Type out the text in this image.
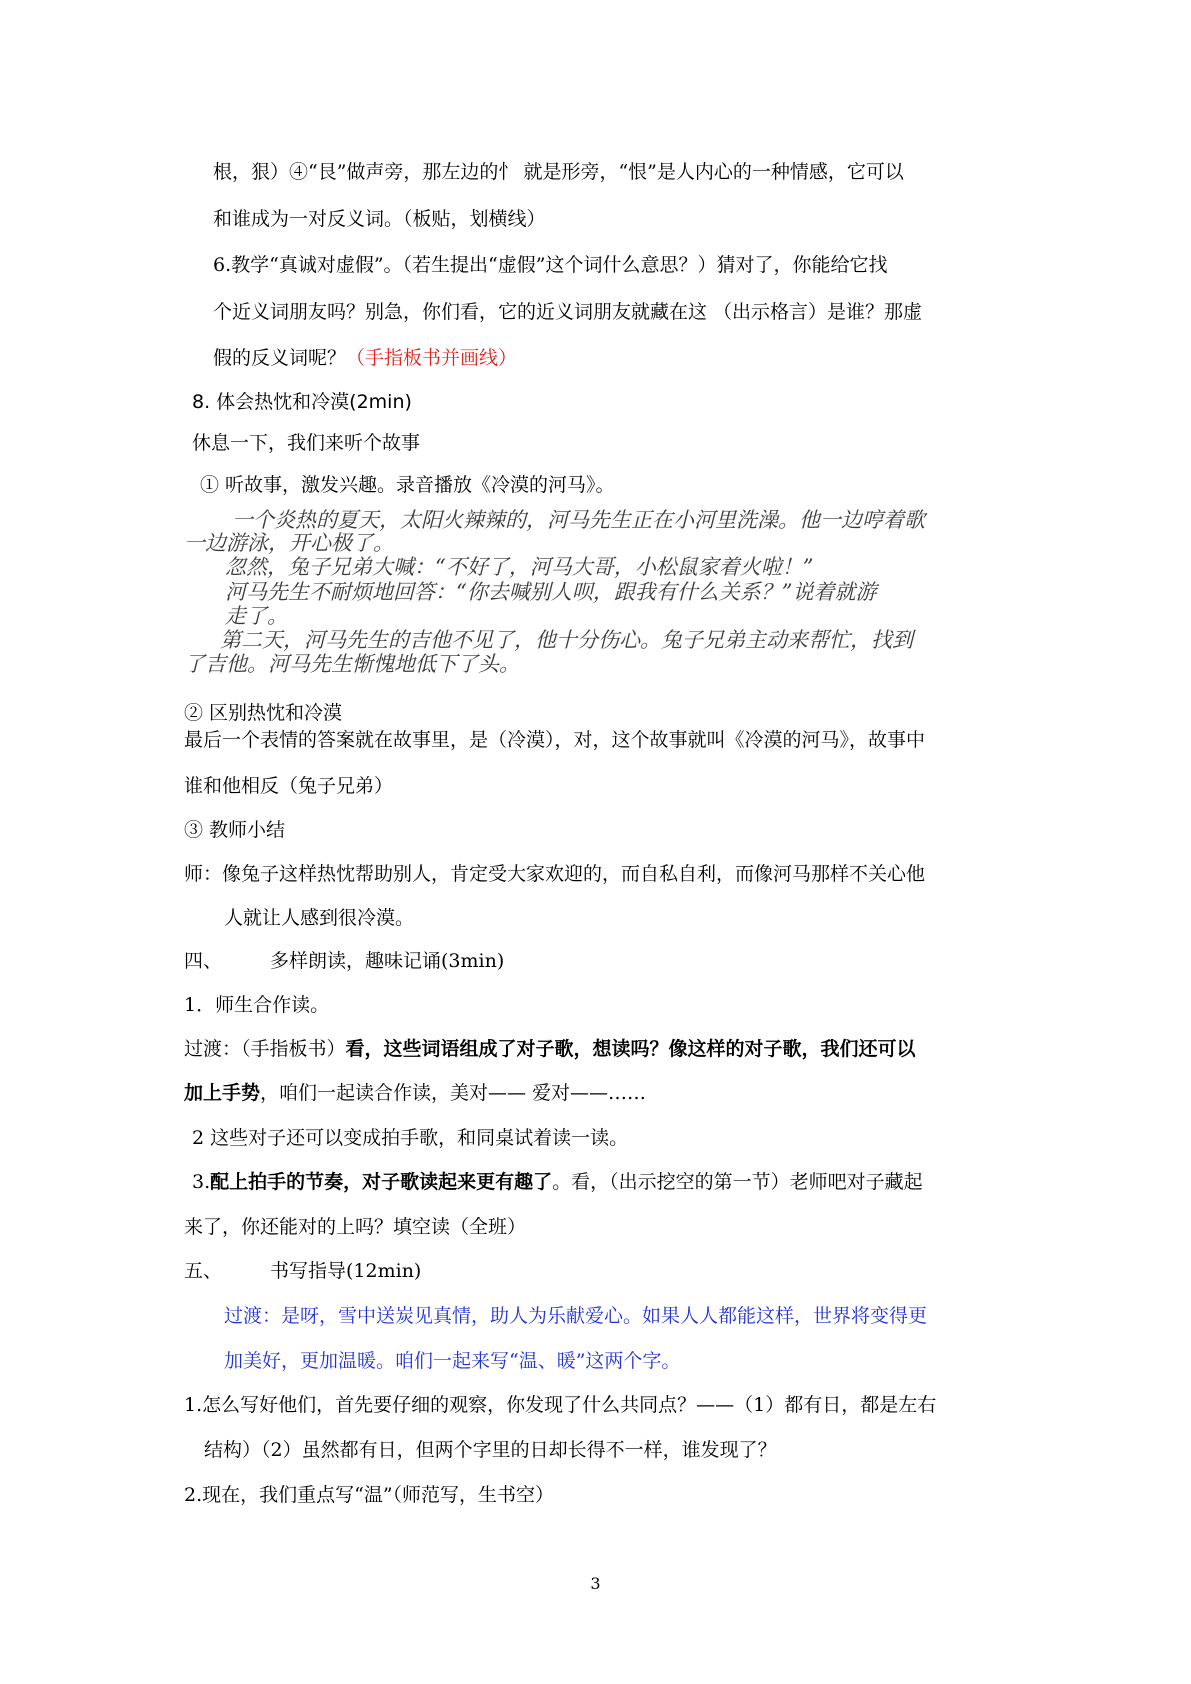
根，狠）④“艮”做声旁，那左边的忄 就是形旁，“恨”是人内心的一种情感，它可以
和谁成为一对反义词。（板贴，划横线）
6.教学“真诚对虚假”。（若生提出“虚假”这个词什么意思？）猜对了，你能给它找
个近义词朋友吗？别急，你们看，它的近义词朋友就藏在这 （出示格言）是谁？那虚
假的反义词呢？（手指板书并画线）
8. 体会热忱和冷漠(2min)
休息一下，我们来听个故事
① 听故事，激发兴趣。录音播放《冷漠的河马》。
一个炎热的夏天，太阳火辣辣的，河马先生正在小河里洗澡。他一边哼着歌
一边游泳，开心极了。
忽然，兔子兄弟大喊：“不好了，河马大哥，小松鼠家着火啦！”
河马先生不耐烦地回答：“你去喊别人呗，跟我有什么关系？”说着就游
走了。
第二天，河马先生的吉他不见了，他十分伤心。兔子兄弟主动来帮忙，找到
了吉他。河马先生惭愧地低下了头。
② 区别热忱和冷漠
最后一个表情的答案就在故事里，是（冷漠），对，这个故事就叫《冷漠的河马》，故事中
谁和他相反（兔子兄弟）
③ 教师小结
师：像兔子这样热忱帮助别人，肯定受大家欢迎的，而自私自利，而像河马那样不关心他
人就让人感到很冷漠。
四、	多样朗读，趣味记诵(3min)
1．师生合作读。
过渡：（手指板书）看，这些词语组成了对子歌，想读吗？像这样的对子歌，我们还可以
加上手势，咱们一起读合作读，美对—— 爱对——……
2 这些对子还可以变成拍手歌，和同桌试着读一读。
3.配上拍手的节奏，对子歌读起来更有趣了。看，（出示挖空的第一节）老师吧对子藏起
来了，你还能对的上吗？填空读（全班）
五、	书写指导(12min)
过渡：是呀，雪中送炭见真情，助人为乐献爱心。如果人人都能这样，世界将变得更
加美好，更加温暖。咱们一起来写“温、暖”这两个字。
1.怎么写好他们，首先要仔细的观察，你发现了什么共同点？——（1）都有日，都是左右
结构）（2）虽然都有日，但两个字里的日却长得不一样，谁发现了？
2.现在，我们重点写“温”（师范写，生书空）
3
